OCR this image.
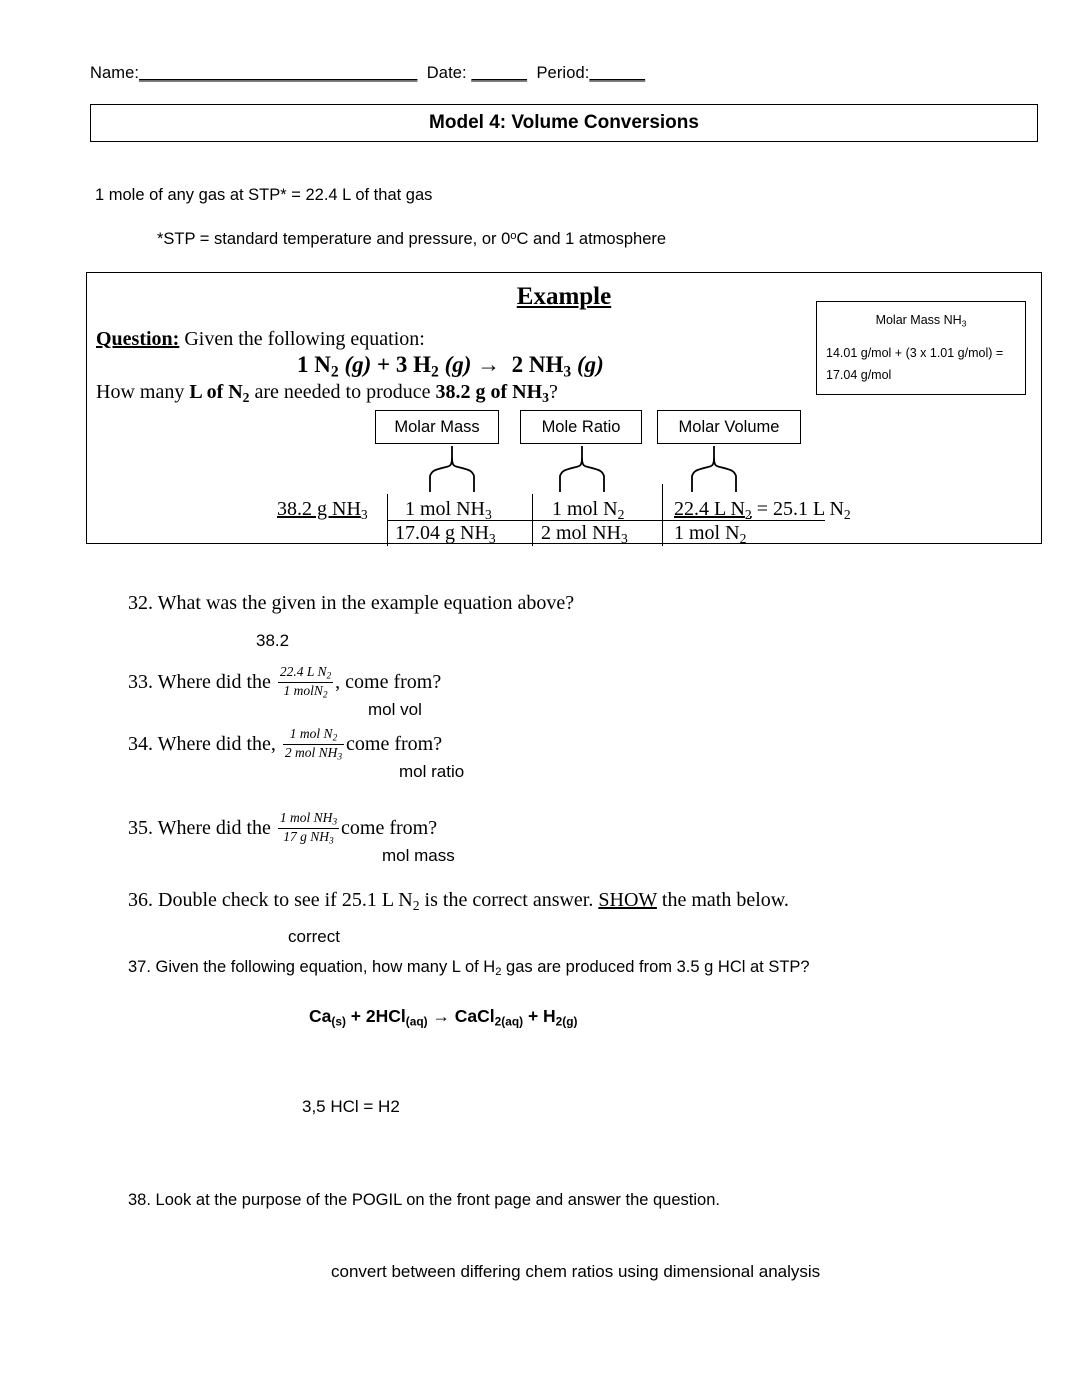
Name:______________________________ Date: ______ Period:______
Model 4: Volume Conversions
1 mole of any gas at STP* = 22.4 L of that gas
*STP = standard temperature and pressure, or 0$^o$C and 1 atmosphere
Example
Molar Mass $NH_3$
14.01 g/mol + (3 x 1.01 g/mol) =
17.04 g/mol
Question: Given the following equation:
1 $N_2$ (g) + 3 $H_2$ (g) → 2 $NH_3$ (g)
How many L of $N_2$ are needed to produce 38.2 g of $NH_3$?
Molar Mass	Mole Ratio	Molar Volume
38.2 g $NH_3$ 1 mol $NH_3$
17.04 g $NH_3$
1 mol $N_2$
2 mol $NH_3$
22.4 L $N_2 = 25.1$ L $N_2$
1 mol $N_2$
32. What was the given in the example equation above?
38.2
33. Where did the $\frac{22.4 L N_2}{1 molN_2}$ , come from?
mol vol
34. Where did the, $\frac{1 mol N_2}{2 mol NH_3}$ come from?
mol ratio
35. Where did the $\frac{1 mol NH_3}{17 g NH_3}$ come from?
mol mass
36. Double check to see if 25.1 L $N_2$ is the correct answer. SHOW the math below.
correct
37. Given the following equation, how many L of $H_2$ gas are produced from 3.5 g HCl at STP?
$Ca_{(s)} + 2HCl_{(aq)}$ → CaCl$_{2(aq)}$ + $H_{2(g)}$
3,5 HCl = H2
38. Look at the purpose of the POGIL on the front page and answer the question.
convert between differing chem ratios using dimensional analysis
